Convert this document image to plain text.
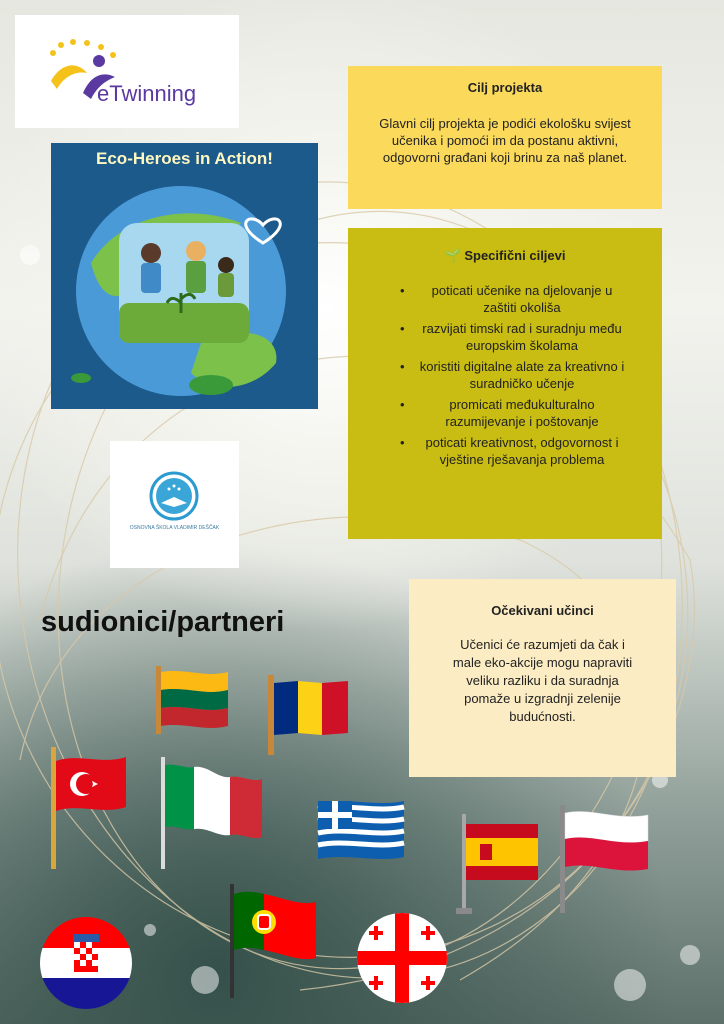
eTwinning
Eco-Heroes in Action!
OSNOVNA ŠKOLA VLADIMIR DEŠČAK
Cilj projekta
Glavni cilj projekta je podići ekološku svijest učenika i pomoći im da postanu aktivni, odgovorni građani koji brinu za naš planet.
🌱 Specifični ciljevi
• poticati učenike na djelovanje u zaštiti okoliša
• razvijati timski rad i suradnju među europskim školama
• koristiti digitalne alate za kreativno i suradničko učenje
• promicati međukulturalno razumijevanje i poštovanje
• poticati kreativnost, odgovornost i vještine rješavanja problema
Očekivani učinci
Učenici će razumjeti da čak i male eko-akcije mogu napraviti veliku razliku i da suradnja pomaže u izgradnji zelenije budućnosti.
sudionici/partneri
